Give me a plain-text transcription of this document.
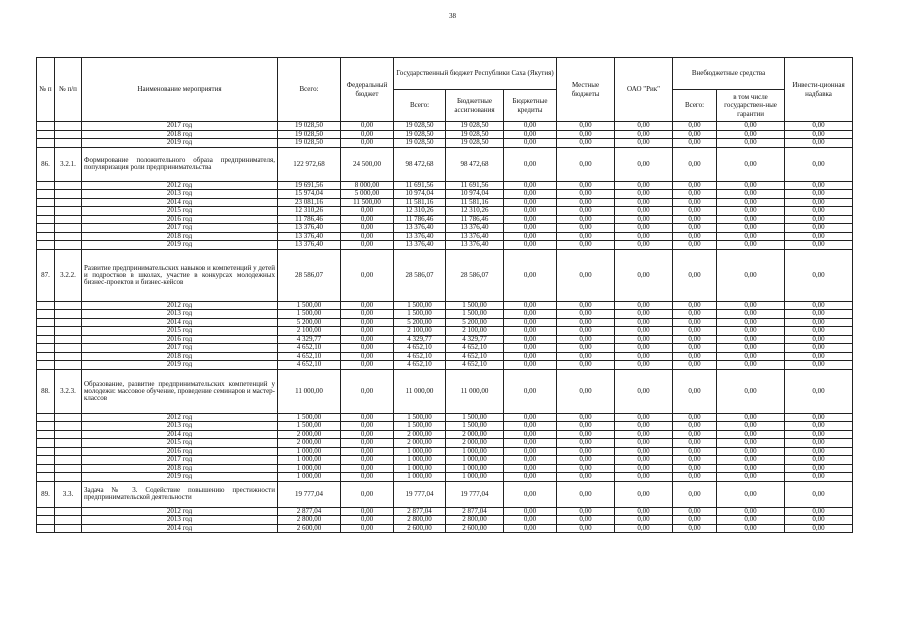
38
№ п	№ п/п	Наименование мероприятия	Всего:	Федеральный бюджет	Государственный бюджет Республики Саха (Якутия)			Местные бюджеты	ОАО "Рик"	Внебюджетные средства		Инвести-ционная надбавка
					Всего:	Бюджетные ассигнования	Бюджетные кредиты			Всего:	в том числе государствен-ные гарантии	
		2017 год	19 028,50	0,00	19 028,50	19 028,50	0,00	0,00	0,00	0,00	0,00	0,00
		2018 год	19 028,50	0,00	19 028,50	19 028,50	0,00	0,00	0,00	0,00	0,00	0,00
		2019 год	19 028,50	0,00	19 028,50	19 028,50	0,00	0,00	0,00	0,00	0,00	0,00
86.	3.2.1.	Формирование положительного образа предпринимателя, популяризация роли предпринимательства	122 972,68	24 500,00	98 472,68	98 472,68	0,00	0,00	0,00	0,00	0,00	0,00
		2012 год	19 691,56	8 000,00	11 691,56	11 691,56	0,00	0,00	0,00	0,00	0,00	0,00
		2013 год	15 974,04	5 000,00	10 974,04	10 974,04	0,00	0,00	0,00	0,00	0,00	0,00
		2014 год	23 081,16	11 500,00	11 581,16	11 581,16	0,00	0,00	0,00	0,00	0,00	0,00
		2015 год	12 310,26	0,00	12 310,26	12 310,26	0,00	0,00	0,00	0,00	0,00	0,00
		2016 год	11 786,46	0,00	11 786,46	11 786,46	0,00	0,00	0,00	0,00	0,00	0,00
		2017 год	13 376,40	0,00	13 376,40	13 376,40	0,00	0,00	0,00	0,00	0,00	0,00
		2018 год	13 376,40	0,00	13 376,40	13 376,40	0,00	0,00	0,00	0,00	0,00	0,00
		2019 год	13 376,40	0,00	13 376,40	13 376,40	0,00	0,00	0,00	0,00	0,00	0,00
87.	3.2.2.	Развитие предпринимательских навыков и компетенций у детей и подростков в школах, участие в конкурсах молодежных бизнес-проектов и бизнес-кейсов	28 586,07	0,00	28 586,07	28 586,07	0,00	0,00	0,00	0,00	0,00	0,00
		2012 год	1 500,00	0,00	1 500,00	1 500,00	0,00	0,00	0,00	0,00	0,00	0,00
		2013 год	1 500,00	0,00	1 500,00	1 500,00	0,00	0,00	0,00	0,00	0,00	0,00
		2014 год	5 200,00	0,00	5 200,00	5 200,00	0,00	0,00	0,00	0,00	0,00	0,00
		2015 год	2 100,00	0,00	2 100,00	2 100,00	0,00	0,00	0,00	0,00	0,00	0,00
		2016 год	4 329,77	0,00	4 329,77	4 329,77	0,00	0,00	0,00	0,00	0,00	0,00
		2017 год	4 652,10	0,00	4 652,10	4 652,10	0,00	0,00	0,00	0,00	0,00	0,00
		2018 год	4 652,10	0,00	4 652,10	4 652,10	0,00	0,00	0,00	0,00	0,00	0,00
		2019 год	4 652,10	0,00	4 652,10	4 652,10	0,00	0,00	0,00	0,00	0,00	0,00
88.	3.2.3.	Образование, развитие предпринимательских компетенций у молодежи: массовое обучение, проведение семинаров и мастер-классов	11 000,00	0,00	11 000,00	11 000,00	0,00	0,00	0,00	0,00	0,00	0,00
		2012 год	1 500,00	0,00	1 500,00	1 500,00	0,00	0,00	0,00	0,00	0,00	0,00
		2013 год	1 500,00	0,00	1 500,00	1 500,00	0,00	0,00	0,00	0,00	0,00	0,00
		2014 год	2 000,00	0,00	2 000,00	2 000,00	0,00	0,00	0,00	0,00	0,00	0,00
		2015 год	2 000,00	0,00	2 000,00	2 000,00	0,00	0,00	0,00	0,00	0,00	0,00
		2016 год	1 000,00	0,00	1 000,00	1 000,00	0,00	0,00	0,00	0,00	0,00	0,00
		2017 год	1 000,00	0,00	1 000,00	1 000,00	0,00	0,00	0,00	0,00	0,00	0,00
		2018 год	1 000,00	0,00	1 000,00	1 000,00	0,00	0,00	0,00	0,00	0,00	0,00
		2019 год	1 000,00	0,00	1 000,00	1 000,00	0,00	0,00	0,00	0,00	0,00	0,00
89.	3.3.	Задача № 3. Содействие повышению престижности предпринимательской деятельности	19 777,04	0,00	19 777,04	19 777,04	0,00	0,00	0,00	0,00	0,00	0,00
		2012 год	2 877,04	0,00	2 877,04	2 877,04	0,00	0,00	0,00	0,00	0,00	0,00
		2013 год	2 800,00	0,00	2 800,00	2 800,00	0,00	0,00	0,00	0,00	0,00	0,00
		2014 год	2 600,00	0,00	2 600,00	2 600,00	0,00	0,00	0,00	0,00	0,00	0,00
